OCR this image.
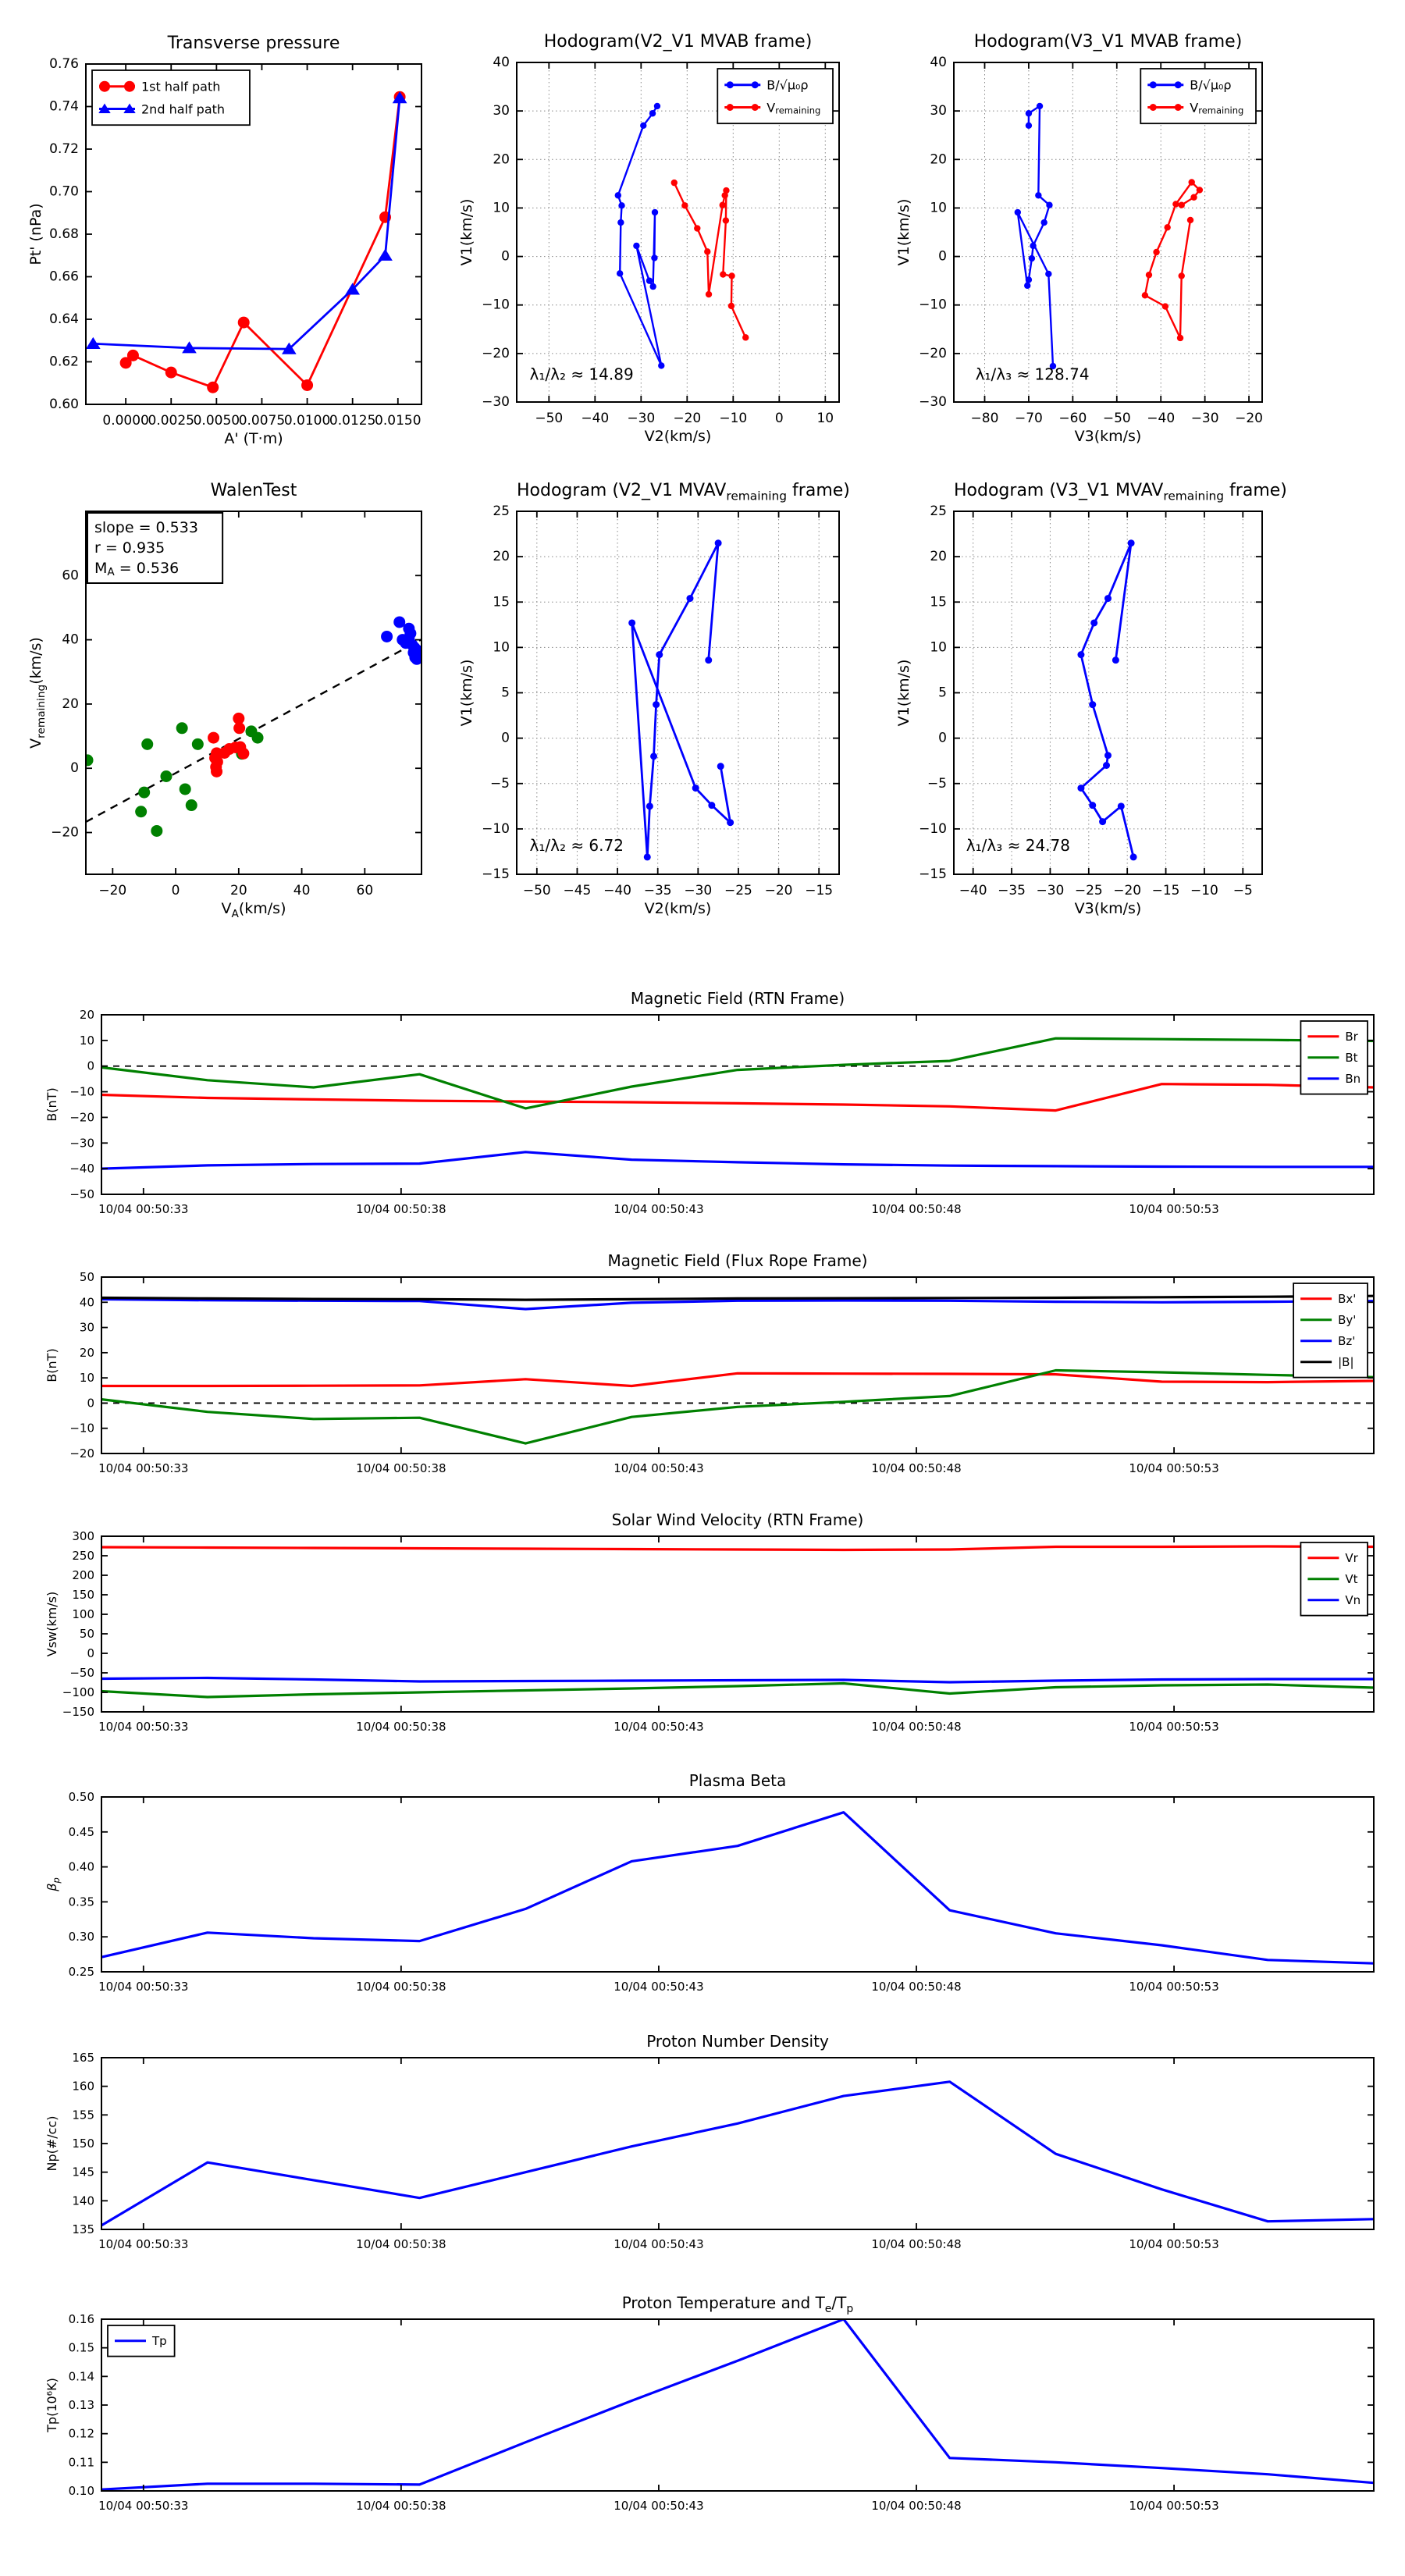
Transverse pressure
0.0000
0.0025
0.0050
0.0075
0.0100
0.0125
0.0150
0.60
0.62
0.64
0.66
0.68
0.70
0.72
0.74
0.76
A' (T·m)
Pt' (nPa)
1st half path
2nd half path
Hodogram(V2_V1 MVAB frame)
−50 −40 −30 −20 −10 0	10
−30
−20
−10
0
10
20
30
40
V2(km/s)
V1(km/s)
λ₁/λ₂ ≈ 14.89
B/√μ₀ρ
$V_{remaining}$
Hodogram(V3_V1 MVAB frame)
−80 −70 −60 −50 −40 −30 −20
−30
−20
−10
0
10
20
30
40
V3(km/s)
V1(km/s)
λ₁/λ₃ ≈ 128.74
B/√μ₀ρ
$V_{remaining}$
WalenTest
−20	0	20	40	60
−20
0
20
40
60
$V_A(km/s)$
$V_{remaining}(km/s)$
slope = 0.533
r = 0.935
$M_A = 0.536$
Hodogram (V2_V1 $MVAV_{remaining}$ frame)
−50 −45 −40 −35 −30 −25 −20 −15
−15
−10
−5
0
5
10
15
20
25
V2(km/s)
V1(km/s)
λ₁/λ₂ ≈ 6.72
Hodogram (V3_V1 $MVAV_{remaining}$ frame)
−40 −35 −30 −25 −20 −15 −10 −5
−15
−10
−5
0
5
10
15
20
25
V3(km/s)
V1(km/s)
λ₁/λ₃ ≈ 24.78
Magnetic Field (RTN Frame)
10/04 00:50:33	10/04 00:50:38	10/04 00:50:43	10/04 00:50:48	10/04 00:50:53
20
10
0
−10
−20
−30
−40
−50
B(nT)
Br
Bt
Bn
Magnetic Field (Flux Rope Frame)
10/04 00:50:33	10/04 00:50:38	10/04 00:50:43	10/04 00:50:48	10/04 00:50:53
50
40
30
20
10
0
−10
−20
B(nT)
Bx'
By'
Bz'
|B|
Solar Wind Velocity (RTN Frame)
10/04 00:50:33	10/04 00:50:38	10/04 00:50:43	10/04 00:50:48	10/04 00:50:53
300
250
200
150
100
50
0
−50
−100
−150
Vsw(km/s)
Vr
Vt
Vn
Plasma Beta
10/04 00:50:33	10/04 00:50:38	10/04 00:50:43	10/04 00:50:48	10/04 00:50:53
0.50
0.45
0.40
0.35
0.30
0.25
$\beta_p$
Proton Number Density
10/04 00:50:33	10/04 00:50:38	10/04 00:50:43	10/04 00:50:48	10/04 00:50:53
165
160
155
150
145
140
135
Np(#/cc)
Proton Temperature and $T_e/T_p$
10/04 00:50:33	10/04 00:50:38	10/04 00:50:43	10/04 00:50:48	10/04 00:50:53
0.16
0.15
0.14
0.13
0.12
0.11
0.10
Tp(10⁶K)
Tp
